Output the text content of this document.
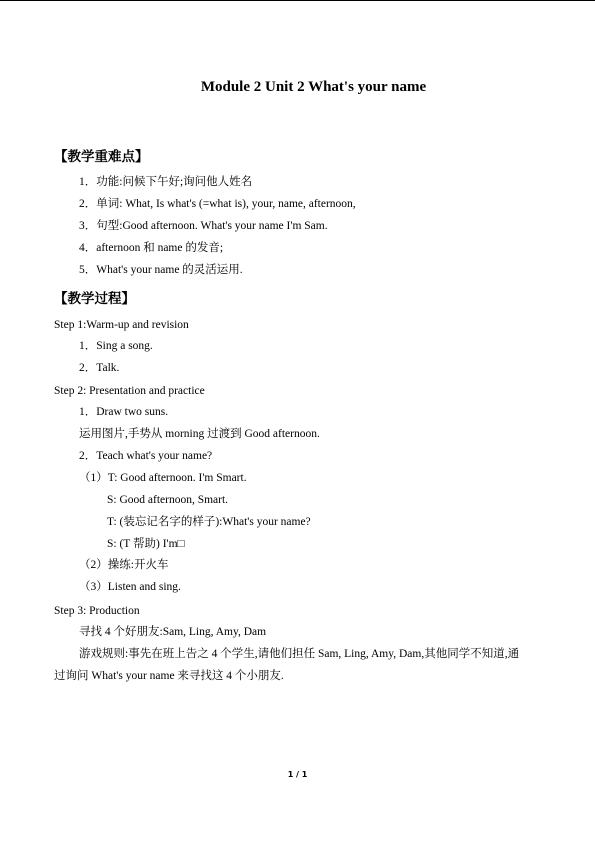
Module 2 Unit 2 What's your name
【教学重难点】
1．功能:问候下午好;询问他人姓名
2．单词: What, Is what's (=what is), your, name, afternoon,
3．句型:Good afternoon. What's your name I'm Sam.
4．afternoon 和 name 的发音;
5．What's your name 的灵活运用.
【教学过程】
Step 1:Warm-up and revision
1．Sing a song.
2．Talk.
Step 2: Presentation and practice
1．Draw two suns.
运用图片,手势从 morning 过渡到 Good afternoon.
2．Teach what's your name?
（1）T: Good afternoon. I'm Smart.
S: Good afternoon, Smart.
T: (装忘记名字的样子):What's your name?
S: (T 帮助) I'm□
（2）操练:开火车
（3）Listen and sing.
Step 3: Production
寻找 4 个好朋友:Sam, Ling, Amy, Dam
游戏规则:事先在班上告之 4 个学生,请他们担任 Sam, Ling, Amy, Dam,其他同学不知道,通
过询问 What's your name 来寻找这 4 个小朋友.
1 / 1
